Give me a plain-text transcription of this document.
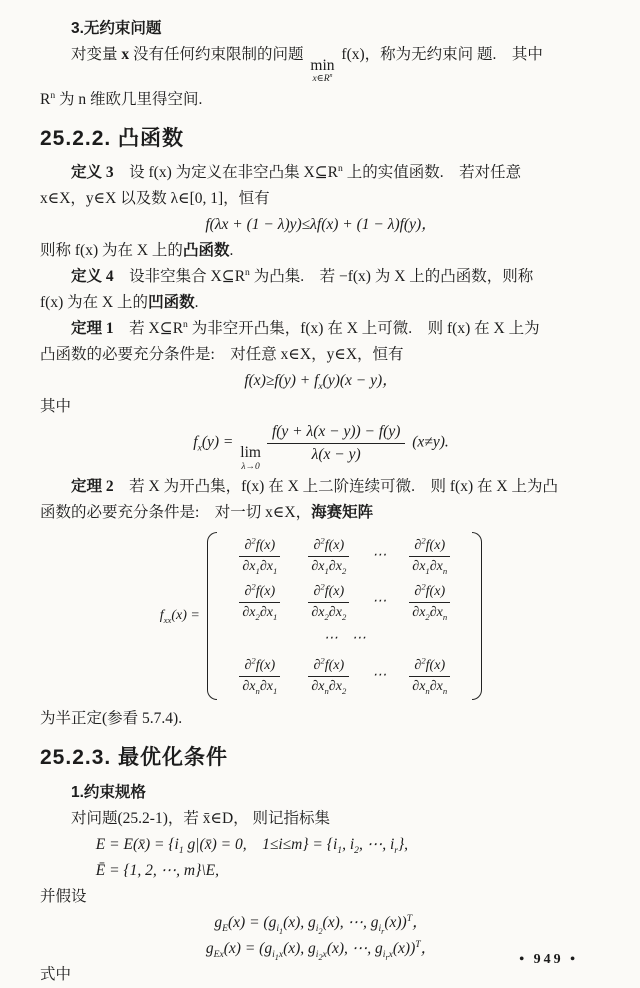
3.无约束问题
对变量 x 没有任何约束限制的问题
min
$x\in R^n$
f(x)，称为无约束问 题.　其中
$R^n$ 为 n 维欧几里得空间.
25.2.2. 凸函数
定义 3　设 f(x) 为定义在非空凸集 $X⊆R^n$ 上的实值函数.　若对任意
x∈X，y∈X 以及数 λ∈[0, 1]，恒有
f(λx + (1 − λ)y)≤λf(x) + (1 − λ)f(y)，
则称 f(x) 为在 X 上的凸函数.
定义 4　设非空集合 $X⊆R^n$ 为凸集.　若 −f(x) 为 X 上的凸函数，则称
f(x) 为在 X 上的凹函数.
定理 1　若 $X⊆R^n$ 为非空开凸集，f(x) 在 X 上可微.　则 f(x) 在 X 上为
凸函数的必要充分条件是:　对任意 x∈X，y∈X，恒有
$f(x)\ge f(y) + f_x(y)(x - y)$，
其中
$f_x(y)$ =
lim
λ→0
$\frac{f(y + \lambda(x - y)) - f(y)}{\lambda(x - y)} (x\ne y)$.
定理 2　若 X 为开凸集，f(x) 在 X 上二阶连续可微.　则 f(x) 在 X 上为凸
函数的必要充分条件是:　对一切 x∈X，海赛矩阵
$f_{xx}(x)$ =
$\frac{\partial^2f(x)}{\partial x_1\partial x_1} \frac{\partial^2f(x)}{\partial x_1\partial x_2}$ ⋯ $\frac{\partial^2f(x)}{\partial x_1\partial x_n}$
$\frac{\partial^2f(x)}{\partial x_2\partial x_1} \frac{\partial^2f(x)}{\partial x_2\partial x_2}$ ⋯ $\frac{\partial^2f(x)}{\partial x_2\partial x_n}$
⋯　⋯
$\frac{\partial^2f(x)}{\partial x_n\partial x_1} \frac{\partial^2f(x)}{\partial x_n\partial x_2}$ ⋯ $\frac{\partial^2f(x)}{\partial x_n\partial x_n}$
为半正定(参看 5.7.4).
25.2.3. 最优化条件
1.约束规格
对问题(25.2-1)，若 x̄∈D， 则记指标集
E = E(x̄) = {$i_1$ g|(x̄) = 0,　$1\le i\le m\} = \{i_1$, $i_2$, ⋯, $i_r$},
Ē = {1, 2, ⋯, m}\E,
并假设
$g_E(x) = (g_{i_1}(x)$, $g_{i_2}(x)$, ⋯, $g_{i_r}(x))^T$，
$g_{Ex}(x) = (g_{i_1x}(x)$, $g_{i_2x}(x)$, ⋯, $g_{i_rx}(x))^T$，
式中
• 949 •
